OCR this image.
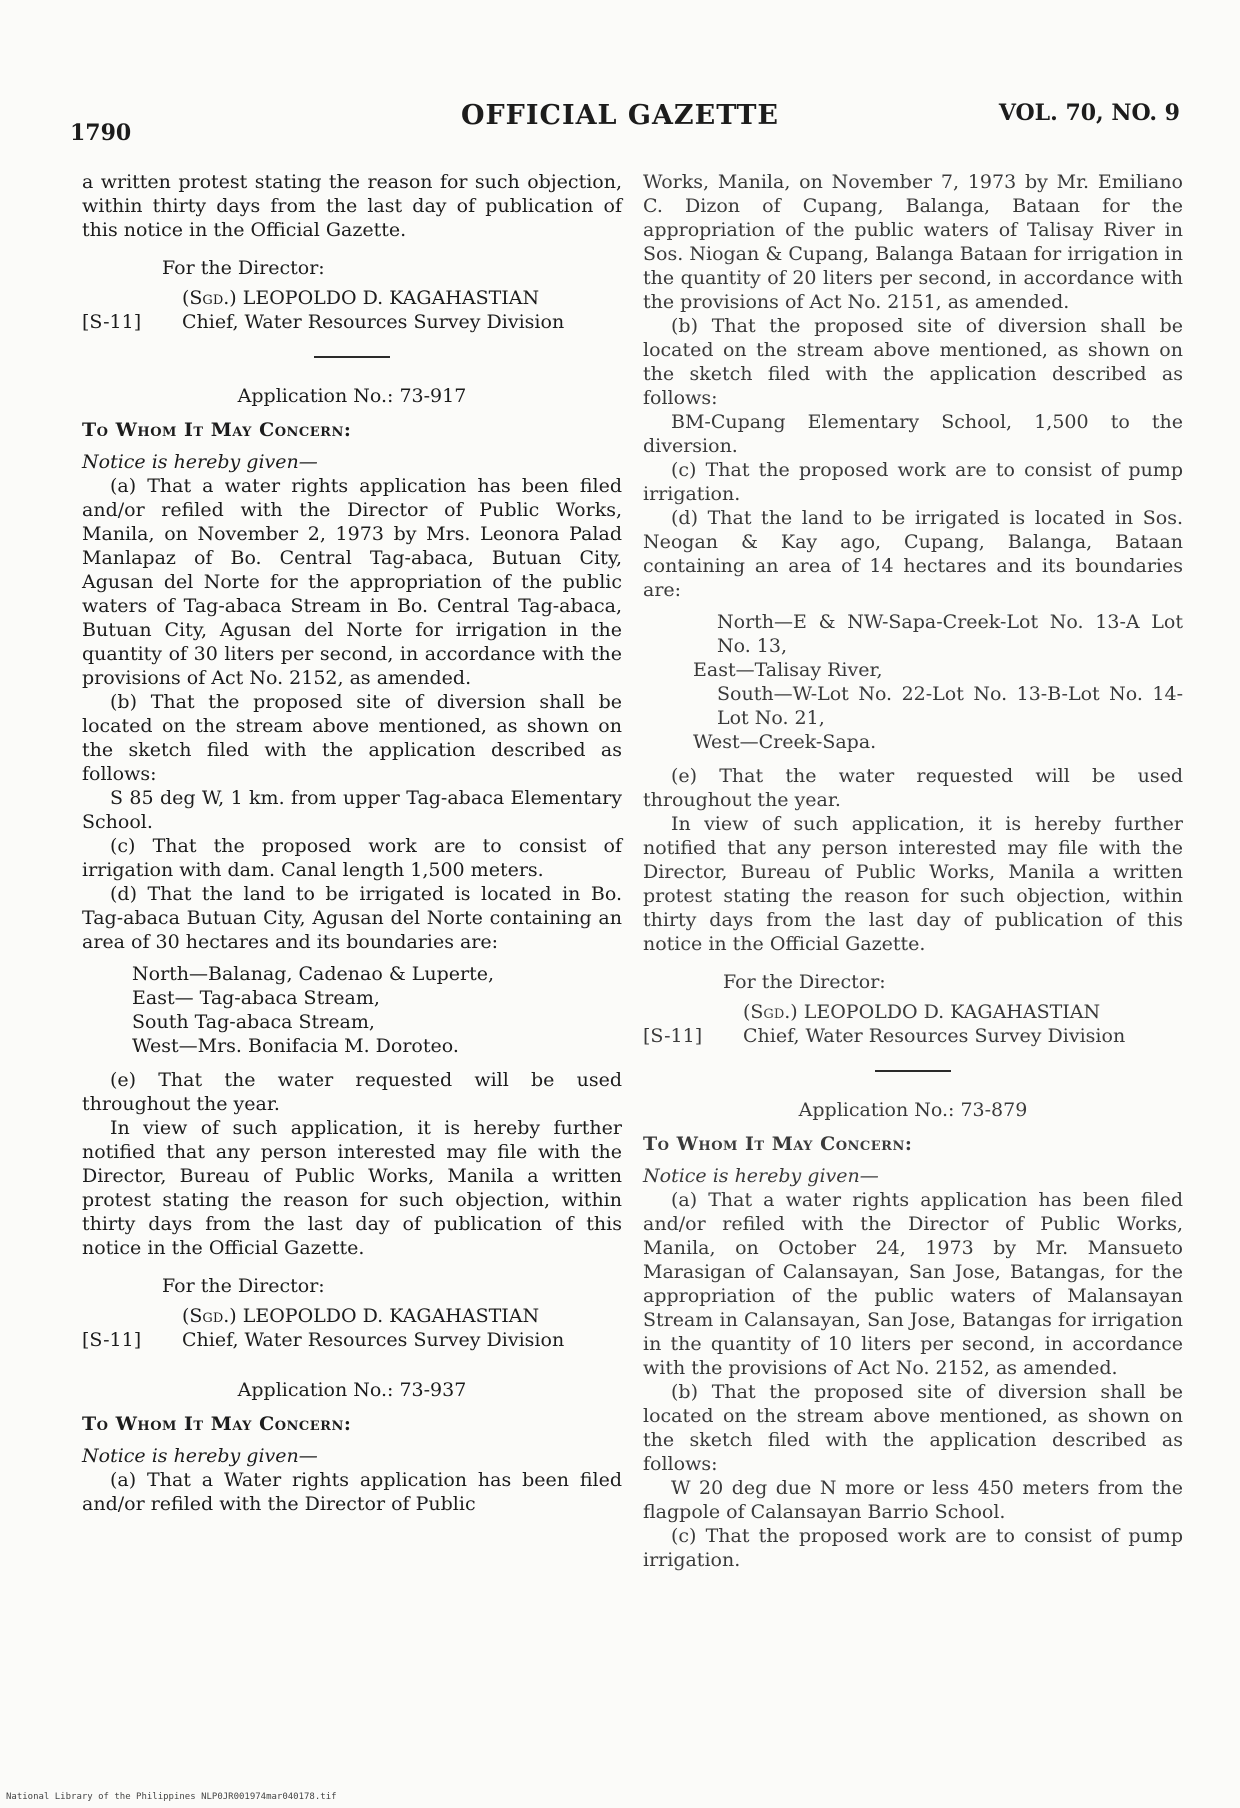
1790
OFFICIAL GAZETTE	VOL. 70, NO. 9

a written protest stating the reason for such objection, within thirty days from the last day of publication of this notice in the Official Gazette.

For the Director:
(Sgd.) LEOPOLDO D. KAGAHASTIAN
[S-11]	Chief, Water Resources Survey Division
Application No.: 73-917
To Whom It May Concern:
Notice is hereby given—

(a) That a water rights application has been filed and/or refiled with the Director of Public Works, Manila, on November 2, 1973 by Mrs. Leonora Palad Manlapaz of Bo. Central Tag-abaca, Butuan City, Agusan del Norte for the appropriation of the public waters of Tag-abaca Stream in Bo. Central Tag-abaca, Butuan City, Agusan del Norte for irrigation in the quantity of 30 liters per second, in accordance with the provisions of Act No. 2152, as amended.

(b) That the proposed site of diversion shall be located on the stream above mentioned, as shown on the sketch filed with the application described as follows:

S 85 deg W, 1 km. from upper Tag-abaca Elementary School.

(c) That the proposed work are to consist of irrigation with dam. Canal length 1,500 meters.

(d) That the land to be irrigated is located in Bo. Tag-abaca Butuan City, Agusan del Norte containing an area of 30 hectares and its boundaries are:

North—Balanag, Cadenao & Luperte,
East— Tag-abaca Stream,
South Tag-abaca Stream,
West—Mrs. Bonifacia M. Doroteo.

(e) That the water requested will be used throughout the year.

In view of such application, it is hereby further notified that any person interested may file with the Director, Bureau of Public Works, Manila a written protest stating the reason for such objection, within thirty days from the last day of publication of this notice in the Official Gazette.

For the Director:
(Sgd.) LEOPOLDO D. KAGAHASTIAN
[S-11]	Chief, Water Resources Survey Division
Application No.: 73-937
To Whom It May Concern:
Notice is hereby given—

(a) That a Water rights application has been filed and/or refiled with the Director of Public

Works, Manila, on November 7, 1973 by Mr. Emiliano C. Dizon of Cupang, Balanga, Bataan for the appropriation of the public waters of Talisay River in Sos. Niogan & Cupang, Balanga Bataan for irrigation in the quantity of 20 liters per second, in accordance with the provisions of Act No. 2151, as amended.

(b) That the proposed site of diversion shall be located on the stream above mentioned, as shown on the sketch filed with the application described as follows:

BM-Cupang Elementary School, 1,500 to the diversion.

(c) That the proposed work are to consist of pump irrigation.

(d) That the land to be irrigated is located in Sos. Neogan & Kay ago, Cupang, Balanga, Bataan containing an area of 14 hectares and its boundaries are:

North—E & NW-Sapa-Creek-Lot No. 13-A Lot No. 13,
East—Talisay River,
South—W-Lot No. 22-Lot No. 13-B-Lot No. 14-Lot No. 21,
West—Creek-Sapa.

(e) That the water requested will be used throughout the year.

In view of such application, it is hereby further notified that any person interested may file with the Director, Bureau of Public Works, Manila a written protest stating the reason for such objection, within thirty days from the last day of publication of this notice in the Official Gazette.

For the Director:
(Sgd.) LEOPOLDO D. KAGAHASTIAN
[S-11]	Chief, Water Resources Survey Division
Application No.: 73-879
To Whom It May Concern:
Notice is hereby given—

(a) That a water rights application has been filed and/or refiled with the Director of Public Works, Manila, on October 24, 1973 by Mr. Mansueto Marasigan of Calansayan, San Jose, Batangas, for the appropriation of the public waters of Malansayan Stream in Calansayan, San Jose, Batangas for irrigation in the quantity of 10 liters per second, in accordance with the provisions of Act No. 2152, as amended.

(b) That the proposed site of diversion shall be located on the stream above mentioned, as shown on the sketch filed with the application described as follows:

W 20 deg due N more or less 450 meters from the flagpole of Calansayan Barrio School.

(c) That the proposed work are to consist of pump irrigation.

National Library of the Philippines NLP0JR001974mar040178.tif
